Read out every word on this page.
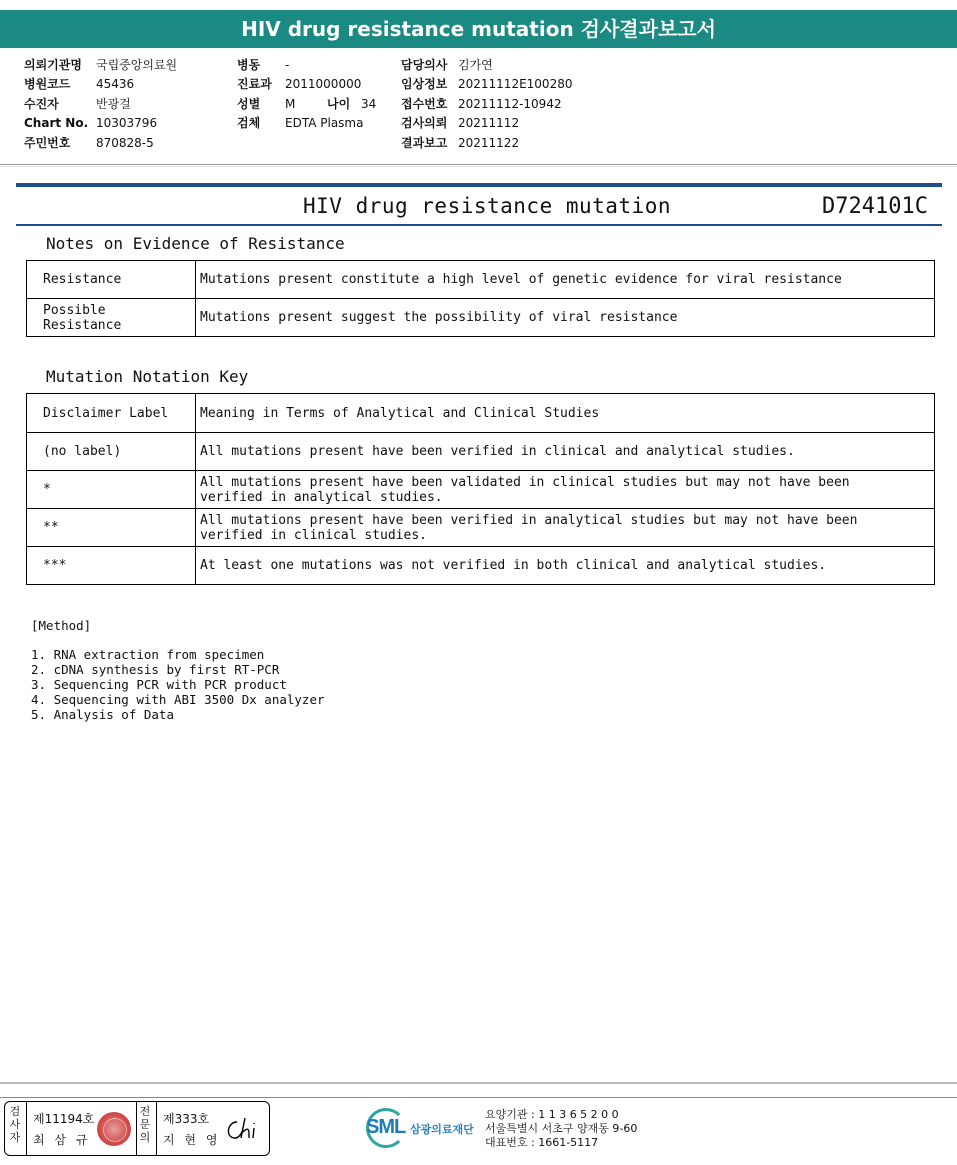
HIV drug resistance mutation 검사결과보고서
의뢰기관명 국립중앙의료원
병원코드 45436
수진자	반광걸
Chart No. 10303796
주민번호 870828-5
병동 -
진료과 2011000000
성별 M	나이 34
검체 EDTA Plasma
담당의사 김가연
임상정보 20211112E100280
접수번호 20211112-10942
검사의뢰 20211112
결과보고 20211122
HIV drug resistance mutation	D724101C
Notes on Evidence of Resistance
Resistance	Mutations present constitute a high level of genetic evidence for viral resistance
Possible Resistance	Mutations present suggest the possibility of viral resistance
Mutation Notation Key
Disclaimer Label	Meaning in Terms of Analytical and Clinical Studies
(no label)	All mutations present have been verified in clinical and analytical studies.
*	All mutations present have been validated in clinical studies but may not have been verified in analytical studies.
**	All mutations present have been verified in analytical studies but may not have been verified in clinical studies.
***	At least one mutations was not verified in both clinical and analytical studies.
[Method]
1. RNA extraction from specimen
2. cDNA synthesis by first RT-PCR
3. Sequencing PCR with PCR product
4. Sequencing with ABI 3500 Dx analyzer
5. Analysis of Data
검
사
자
제11194호
최 삼 규
전
문
의
제333호
지 현 영
SML 삼광의료재단
요양기관 : 1 1 3 6 5 2 0 0
서울특별시 서초구 양재동 9-60
대표번호 : 1661-5117
